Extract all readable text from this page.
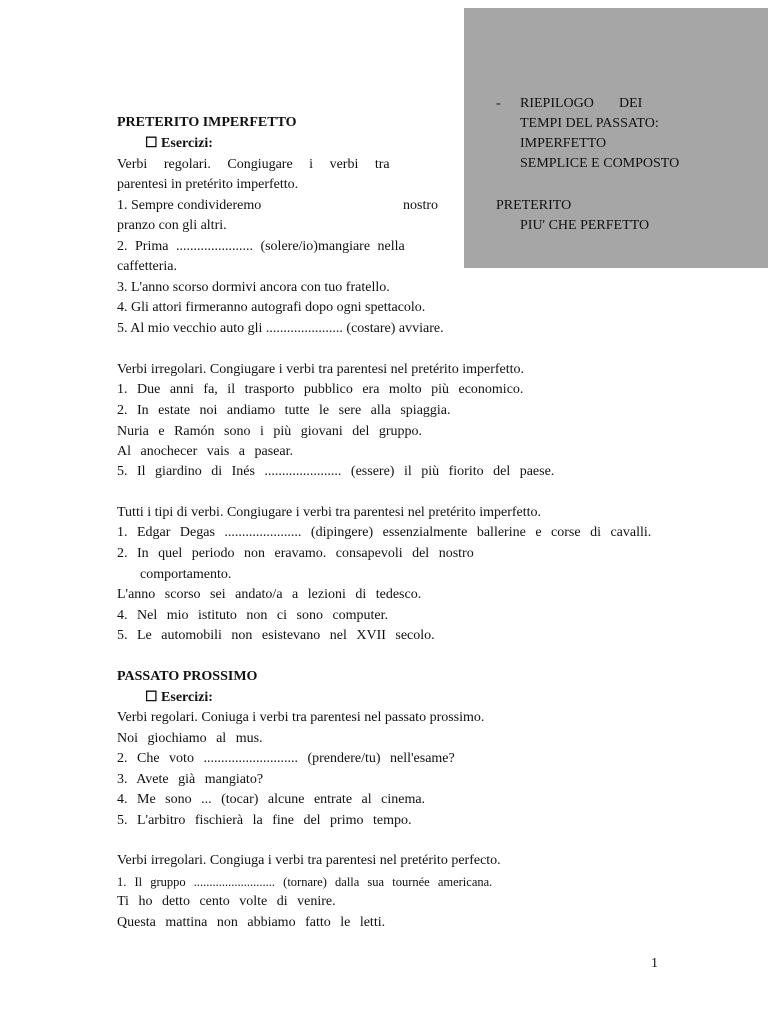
- RIEPILOGO DEI
TEMPI DEL PASSATO:
IMPERFETTO
SEMPLICE E COMPOSTO
PRETERITO
PIU' CHE PERFETTO
PRETERITO IMPERFETTO
☐ Esercizi:
Verbi regolari. Congiugare i verbi tra
parentesi in pretérito imperfetto.
1. Sempre condivideremo	nostro
pranzo con gli altri.
2. Prima ...................... (solere/io)mangiare nella
caffetteria.
3. L'anno scorso dormivi ancora con tuo fratello.
4. Gli attori firmeranno autografi dopo ogni spettacolo.
5. Al mio vecchio auto gli ...................... (costare) avviare.
Verbi irregolari. Congiugare i verbi tra parentesi nel pretérito imperfetto.
1. Due anni fa, il trasporto pubblico era molto più economico.
2. In estate noi andiamo tutte le sere alla spiaggia.
Nuria e Ramón sono i più giovani del gruppo.
Al anochecer vais a pasear.
5. Il giardino di Inés ...................... (essere) il più fiorito del paese.
Tutti i tipi di verbi. Congiugare i verbi tra parentesi nel pretérito imperfetto.
1. Edgar Degas ...................... (dipingere) essenzialmente ballerine e corse di cavalli.
2. In quel periodo non eravamo. consapevoli del nostro
comportamento.
L'anno scorso sei andato/a a lezioni di tedesco.
4. Nel mio istituto non ci sono computer.
5. Le automobili non esistevano nel XVII secolo.
PASSATO PROSSIMO
☐ Esercizi:
Verbi regolari. Coniuga i verbi tra parentesi nel passato prossimo.
Noi giochiamo al mus.
2. Che voto ........................... (prendere/tu) nell'esame?
3. Avete già mangiato?
4. Me sono ... (tocar) alcune entrate al cinema.
5. L'arbitro fischierà la fine del primo tempo.
Verbi irregolari. Congiuga i verbi tra parentesi nel pretérito perfecto.
1. Il gruppo .......................... (tornare) dalla sua tournée americana.
Ti ho detto cento volte di venire.
Questa mattina non abbiamo fatto le letti.
1
